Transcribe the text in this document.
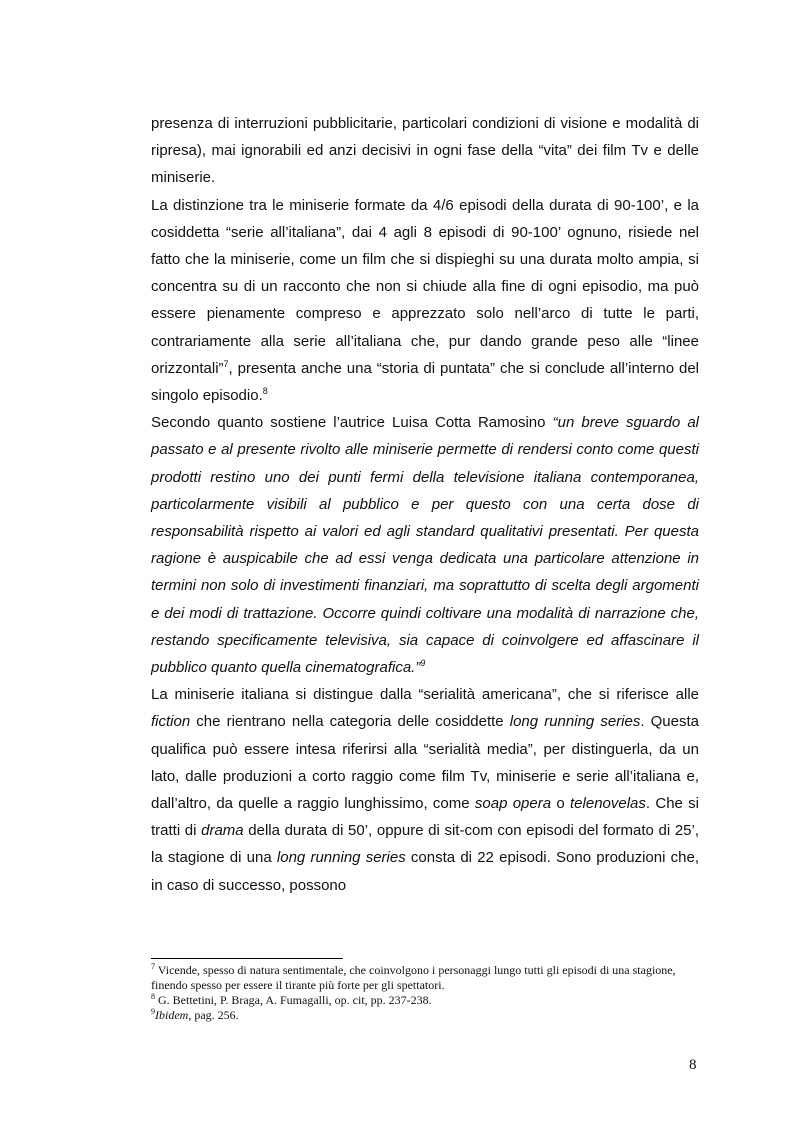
presenza di interruzioni pubblicitarie, particolari condizioni di visione e modalità di ripresa), mai ignorabili ed anzi decisivi in ogni fase della “vita” dei film Tv e delle miniserie.

La distinzione tra le miniserie formate da 4/6 episodi della durata di 90-100’, e la cosiddetta “serie all’italiana”, dai 4 agli 8 episodi di 90-100’ ognuno, risiede nel fatto che la miniserie, come un film che si dispieghi su una durata molto ampia, si concentra su di un racconto che non si chiude alla fine di ogni episodio, ma può essere pienamente compreso e apprezzato solo nell’arco di tutte le parti, contrariamente alla serie all’italiana che, pur dando grande peso alle “linee orizzontali”$^7$, presenta anche una “storia di puntata” che si conclude all’interno del singolo episodio.$^8$

Secondo quanto sostiene l’autrice Luisa Cotta Ramosino “un breve sguardo al passato e al presente rivolto alle miniserie permette di rendersi conto come questi prodotti restino uno dei punti fermi della televisione italiana contemporanea, particolarmente visibili al pubblico e per questo con una certa dose di responsabilità rispetto ai valori ed agli standard qualitativi presentati. Per questa ragione è auspicabile che ad essi venga dedicata una particolare attenzione in termini non solo di investimenti finanziari, ma soprattutto di scelta degli argomenti e dei modi di trattazione. Occorre quindi coltivare una modalità di narrazione che, restando specificamente televisiva, sia capace di coinvolgere ed affascinare il pubblico quanto quella cinematografica.”$^9$

La miniserie italiana si distingue dalla “serialità americana”, che si riferisce alle fiction che rientrano nella categoria delle cosiddette long running series. Questa qualifica può essere intesa riferirsi alla “serialità media”, per distinguerla, da un lato, dalle produzioni a corto raggio come film Tv, miniserie e serie all’italiana e, dall’altro, da quelle a raggio lunghissimo, come soap opera o telenovelas. Che si tratti di drama della durata di 50’, oppure di sit-com con episodi del formato di 25’, la stagione di una long running series consta di 22 episodi. Sono produzioni che, in caso di successo, possono

$^7$ Vicende, spesso di natura sentimentale, che coinvolgono i personaggi lungo tutti gli episodi di una stagione, finendo spesso per essere il tirante più forte per gli spettatori.

$^8$ G. Bettetini, P. Braga, A. Fumagalli, op. cit, pp. 237-238.

$^9$Ibidem, pag. 256.

8
